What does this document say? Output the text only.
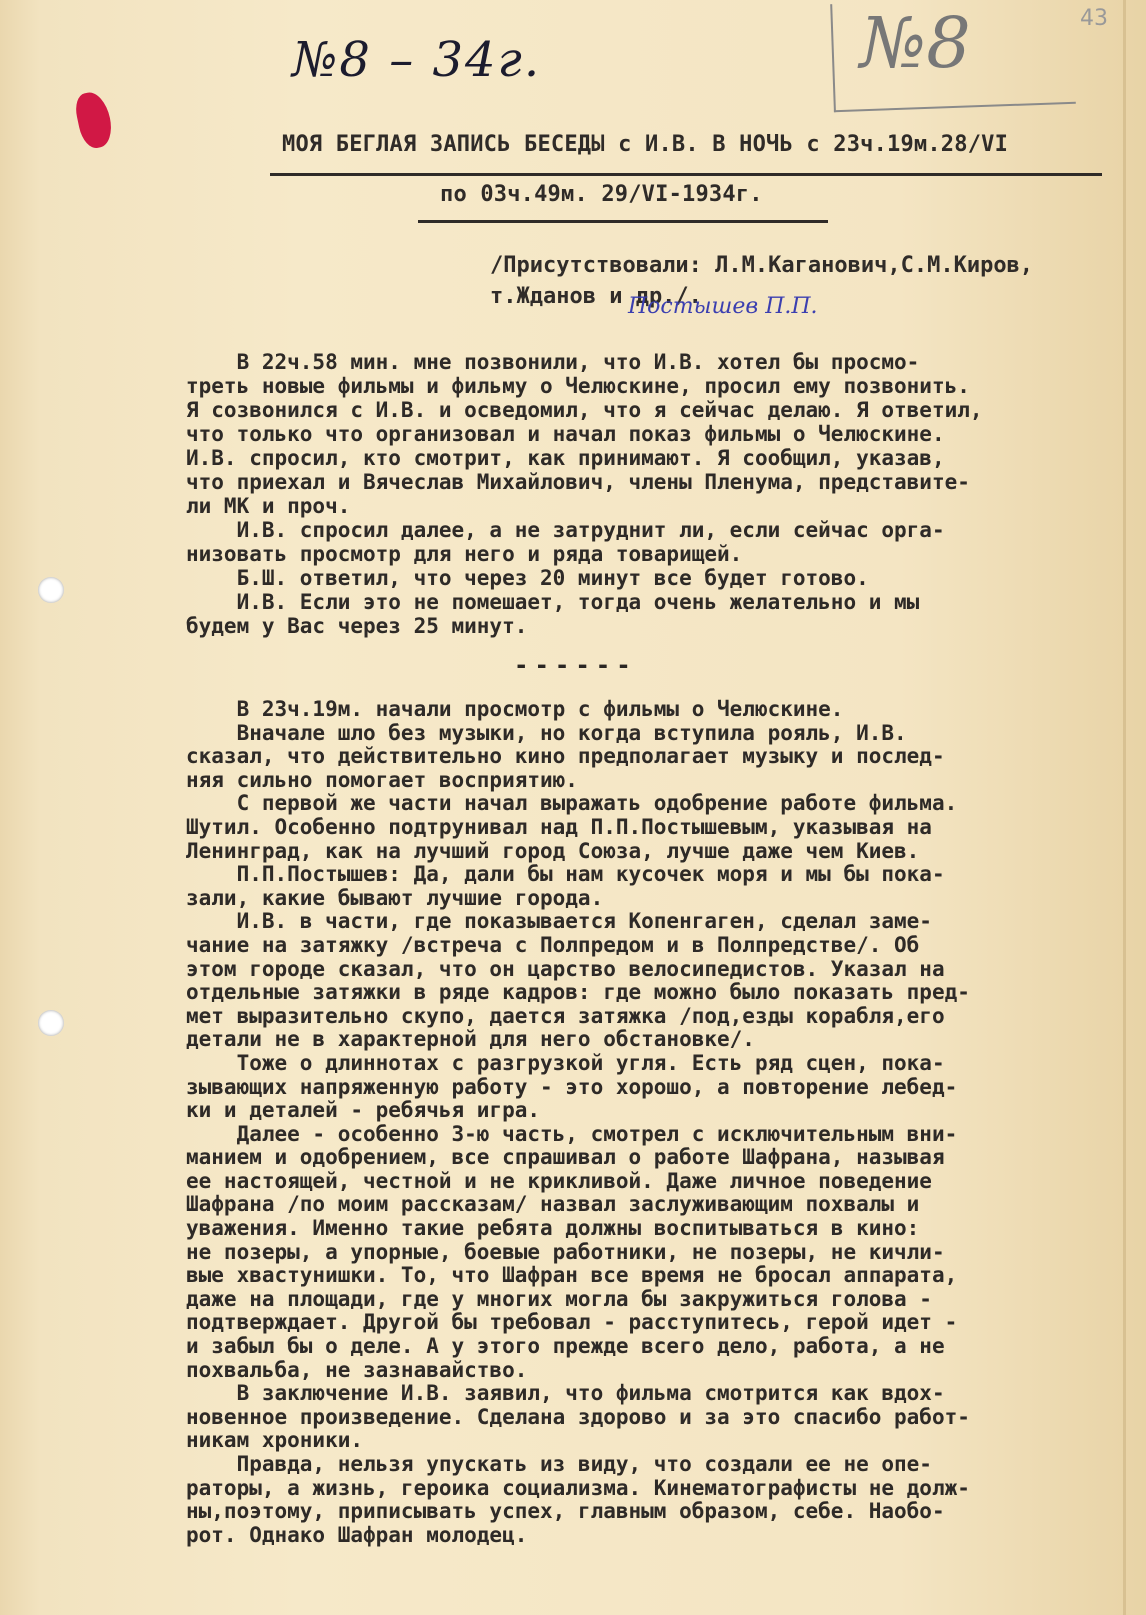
№8 – 34г.	№8	43
МОЯ БЕГЛАЯ ЗАПИСЬ БЕСЕДЫ с И.В. В НОЧЬ с 23ч.19м.28/VI
по 03ч.49м. 29/VI-1934г.
/Присутствовали: Л.М.Каганович,С.М.Киров,
т.Жданов и др./.
Постышев П.П.
В 22ч.58 мин. мне позвонили, что И.В. хотел бы просмо-
треть новые фильмы и фильму о Челюскине, просил ему позвонить.
Я созвонился с И.В. и осведомил, что я сейчас делаю. Я ответил,
что только что организовал и начал показ фильмы о Челюскине.
И.В. спросил, кто смотрит, как принимают. Я сообщил, указав,
что приехал и Вячеслав Михайлович, члены Пленума, представите-
ли МК и проч.
И.В. спросил далее, а не затруднит ли, если сейчас орга-
низовать просмотр для него и ряда товарищей.
Б.Ш. ответил, что через 20 минут все будет готово.
И.В. Если это не помешает, тогда очень желательно и мы
будем у Вас через 25 минут.
------
В 23ч.19м. начали просмотр с фильмы о Челюскине.
Вначале шло без музыки, но когда вступила рояль, И.В.
сказал, что действительно кино предполагает музыку и послед-
няя сильно помогает восприятию.
С первой же части начал выражать одобрение работе фильма.
Шутил. Особенно подтрунивал над П.П.Постышевым, указывая на
Ленинград, как на лучший город Союза, лучше даже чем Киев.
П.П.Постышев: Да, дали бы нам кусочек моря и мы бы пока-
зали, какие бывают лучшие города.
И.В. в части, где показывается Копенгаген, сделал заме-
чание на затяжку /встреча с Полпредом и в Полпредстве/. Об
этом городе сказал, что он царство велосипедистов. Указал на
отдельные затяжки в ряде кадров: где можно было показать пред-
мет выразительно скупо, дается затяжка /под,езды корабля,его
детали не в характерной для него обстановке/.
Тоже о длиннотах с разгрузкой угля. Есть ряд сцен, пока-
зывающих напряженную работу - это хорошо, а повторение лебед-
ки и деталей - ребячья игра.
Далее - особенно 3-ю часть, смотрел с исключительным вни-
манием и одобрением, все спрашивал о работе Шафрана, называя
ее настоящей, честной и не крикливой. Даже личное поведение
Шафрана /по моим рассказам/ назвал заслуживающим похвалы и
уважения. Именно такие ребята должны воспитываться в кино:
не позеры, а упорные, боевые работники, не позеры, не кичли-
вые хвастунишки. То, что Шафран все время не бросал аппарата,
даже на площади, где у многих могла бы закружиться голова -
подтверждает. Другой бы требовал - расступитесь, герой идет -
и забыл бы о деле. А у этого прежде всего дело, работа, а не
похвальба, не зазнавайство.
В заключение И.В. заявил, что фильма смотрится как вдох-
новенное произведение. Сделана здорово и за это спасибо работ-
никам хроники.
Правда, нельзя упускать из виду, что создали ее не опе-
раторы, а жизнь, героика социализма. Кинематографисты не долж-
ны,поэтому, приписывать успех, главным образом, себе. Наобо-
рот. Однако Шафран молодец.
